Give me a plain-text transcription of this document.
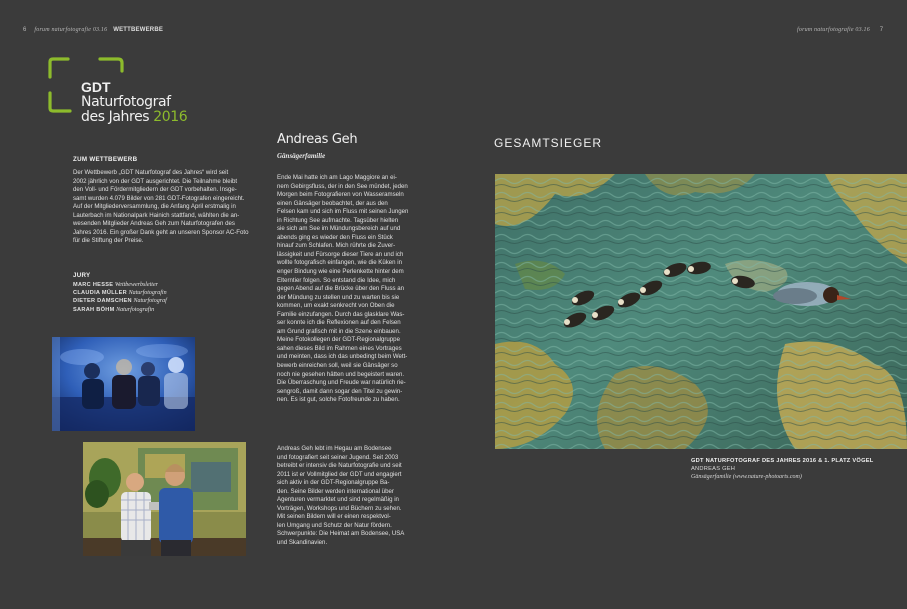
6 forum naturfotografie 03.16 WETTBEWERBE	forum naturfotografie 03.16 7
GDT
Naturfotograf
des Jahres 2016
ZUM WETTBEWERB
Der Wettbewerb „GDT Naturfotograf des Jahres“ wird seit
2002 jährlich von der GDT ausgerichtet. Die Teilnahme bleibt
den Voll- und Fördermitgliedern der GDT vorbehalten. Insge-
samt wurden 4.079 Bilder von 281 GDT-Fotografen eingereicht.
Auf der Mitgliederversammlung, die Anfang April erstmalig in
Lauterbach im Nationalpark Hainich stattfand, wählten die an-
wesenden Mitglieder Andreas Geh zum Naturfotografen des
Jahres 2016. Ein großer Dank geht an unseren Sponsor AC-Foto
für die Stiftung der Preise.
JURY
MARC HESSE Wettbewerbsleiter
CLAUDIA MÜLLER Naturfotografin
DIETER DAMSCHEN Naturfotograf
SARAH BÖHM Naturfotografin
Andreas Geh
Gänsägerfamilie
Ende Mai hatte ich am Lago Maggiore an ei-
nem Gebirgsfluss, der in den See mündet, jeden
Morgen beim Fotografieren von Wasseramseln
einen Gänsäger beobachtet, der aus den
Felsen kam und sich im Fluss mit seinen Jungen
in Richtung See aufmachte. Tagsüber hielten
sie sich am See im Mündungsbereich auf und
abends ging es wieder den Fluss ein Stück
hinauf zum Schlafen. Mich rührte die Zuver-
lässigkeit und Fürsorge dieser Tiere an und ich
wollte fotografisch einfangen, wie die Küken in
enger Bindung wie eine Perlenkette hinter dem
Elterntier folgen. So entstand die Idee, mich
gegen Abend auf die Brücke über den Fluss an
der Mündung zu stellen und zu warten bis sie
kommen, um exakt senkrecht von Oben die
Familie einzufangen. Durch das glasklare Was-
ser konnte ich die Reflexionen auf den Felsen
am Grund grafisch mit in die Szene einbauen.
Meine Fotokollegen der GDT-Regionalgruppe
sahen dieses Bild im Rahmen eines Vortrages
und meinten, dass ich das unbedingt beim Wett-
bewerb einreichen soll, weil sie Gänsäger so
noch nie gesehen hätten und begeistert waren.
Die Überraschung und Freude war natürlich rie-
sengroß, damit dann sogar den Titel zu gewin-
nen. Es ist gut, solche Fotofreunde zu haben.
Andreas Geh lebt im Hegau am Bodensee
und fotografiert seit seiner Jugend. Seit 2003
betreibt er intensiv die Naturfotografie und seit
2011 ist er Vollmitglied der GDT und engagiert
sich aktiv in der GDT-Regionalgruppe Ba-
den. Seine Bilder werden international über
Agenturen vermarktet und sind regelmäßig in
Vorträgen, Workshops und Büchern zu sehen.
Mit seinen Bildern will er einen respektvol-
len Umgang und Schutz der Natur fördern.
Schwerpunkte: Die Heimat am Bodensee, USA
und Skandinavien.
GESAMTSIEGER
GDT NATURFOTOGRAF DES JAHRES 2016 & 1. PLATZ VÖGEL
ANDREAS GEH
Gänsägerfamilie (www.nature-photoarts.com)
